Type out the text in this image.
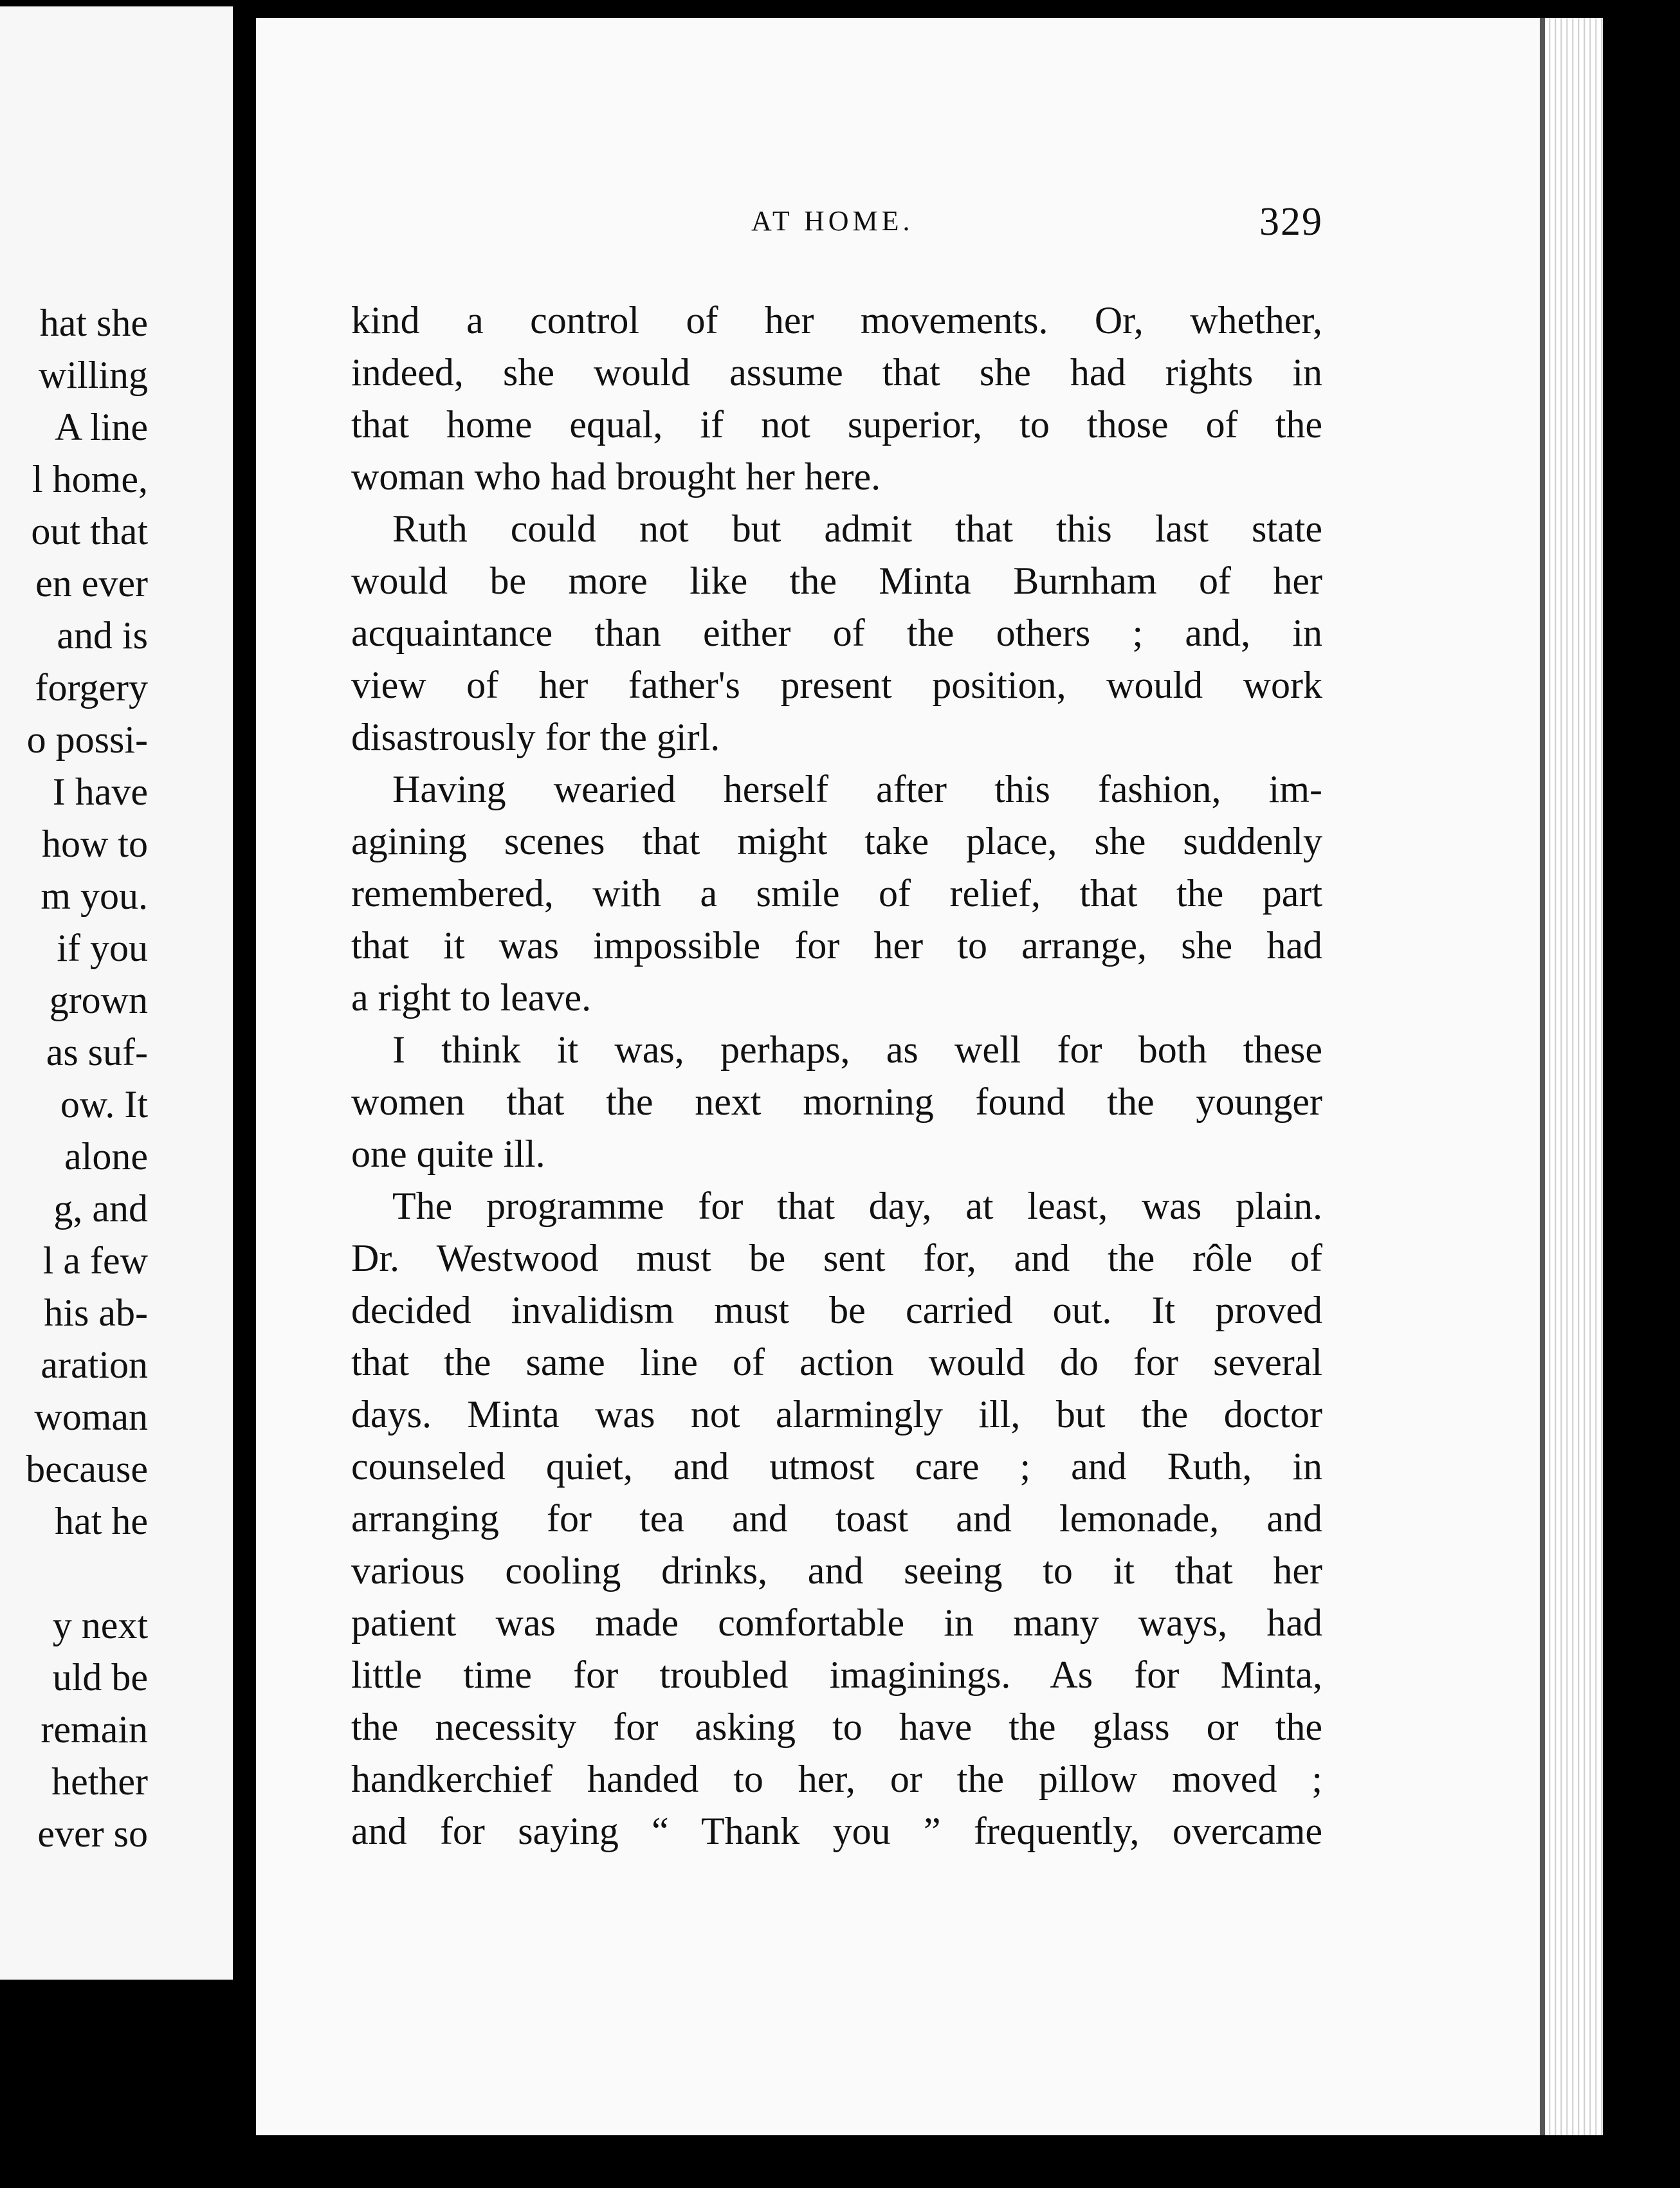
hat she
willing
A line
l home,
out that
en ever
and is
forgery
o possi-
I have
how to
m you.
if you
grown
as suf-
ow. It
alone
g, and
l a few
his ab-
aration
woman
because
hat he
y next
uld be
remain
hether
ever so
AT HOME.	329
kind a control of her movements. Or, whether,
indeed, she would assume that she had rights in
that home equal, if not superior, to those of the
woman who had brought her here.
Ruth could not but admit that this last state
would be more like the Minta Burnham of her
acquaintance than either of the others ; and, in
view of her father's present position, would work
disastrously for the girl.
Having wearied herself after this fashion, im-
agining scenes that might take place, she suddenly
remembered, with a smile of relief, that the part
that it was impossible for her to arrange, she had
a right to leave.
I think it was, perhaps, as well for both these
women that the next morning found the younger
one quite ill.
The programme for that day, at least, was plain.
Dr. Westwood must be sent for, and the rôle of
decided invalidism must be carried out. It proved
that the same line of action would do for several
days. Minta was not alarmingly ill, but the doctor
counseled quiet, and utmost care ; and Ruth, in
arranging for tea and toast and lemonade, and
various cooling drinks, and seeing to it that her
patient was made comfortable in many ways, had
little time for troubled imaginings. As for Minta,
the necessity for asking to have the glass or the
handkerchief handed to her, or the pillow moved ;
and for saying “ Thank you ” frequently, overcame
